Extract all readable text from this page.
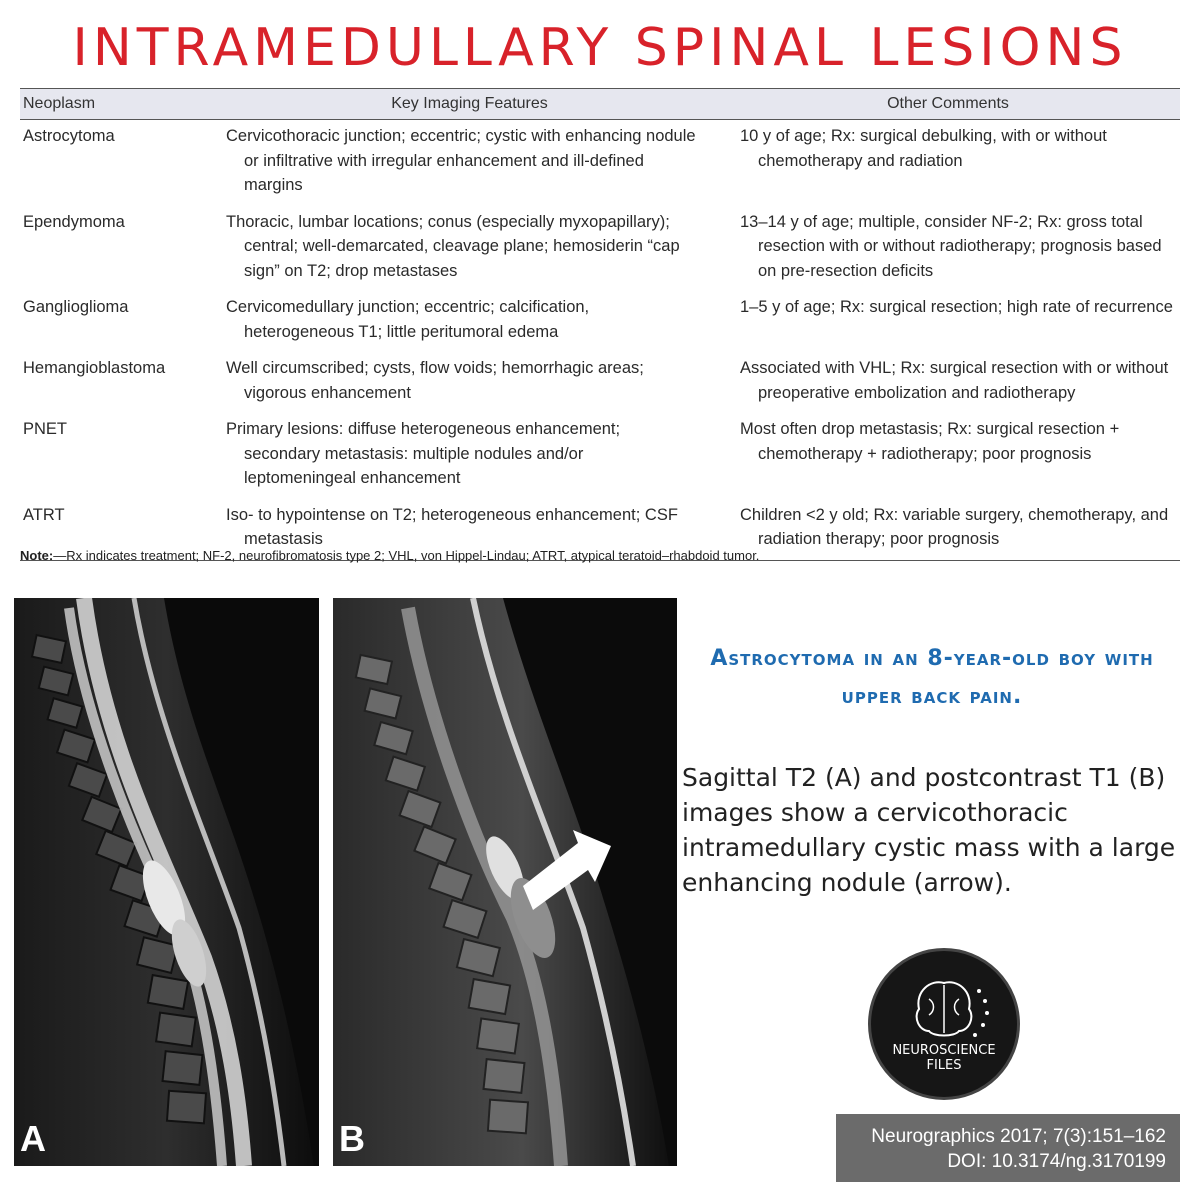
INTRAMEDULLARY SPINAL LESIONS
Neoplasm	Key Imaging Features	Other Comments
Astrocytoma	Cervicothoracic junction; eccentric; cystic with enhancing nodule or infiltrative with irregular enhancement and ill-defined margins	10 y of age; Rx: surgical debulking, with or without chemotherapy and radiation

Ependymoma	Thoracic, lumbar locations; conus (especially myxopapillary); central; well-demarcated, cleavage plane; hemosiderin “cap sign” on T2; drop metastases	13–14 y of age; multiple, consider NF-2; Rx: gross total resection with or without radiotherapy; prognosis based on pre-resection deficits

Ganglioglioma	Cervicomedullary junction; eccentric; calcification, heterogeneous T1; little peritumoral edema	1–5 y of age; Rx: surgical resection; high rate of recurrence

Hemangioblastoma	Well circumscribed; cysts, flow voids; hemorrhagic areas; vigorous enhancement	Associated with VHL; Rx: surgical resection with or without preoperative embolization and radiotherapy

PNET	Primary lesions: diffuse heterogeneous enhancement; secondary metastasis: multiple nodules and/or leptomeningeal enhancement	Most often drop metastasis; Rx: surgical resection + chemotherapy + radiotherapy; poor prognosis

ATRT	Iso- to hypointense on T2; heterogeneous enhancement; CSF metastasis	Children <2 y old; Rx: variable surgery, chemotherapy, and radiation therapy; poor prognosis
Note:—Rx indicates treatment; NF-2, neurofibromatosis type 2; VHL, von Hippel-Lindau; ATRT, atypical teratoid–rhabdoid tumor.
A	B
Astrocytoma in an 8-year-old boy with upper back pain.
Sagittal T2 (A) and postcontrast T1 (B) images show a cervicothoracic intramedullary cystic mass with a large enhancing nodule (arrow).
NEUROSCIENCE
FILES
Neurographics 2017; 7(3):151–162
DOI: 10.3174/ng.3170199
